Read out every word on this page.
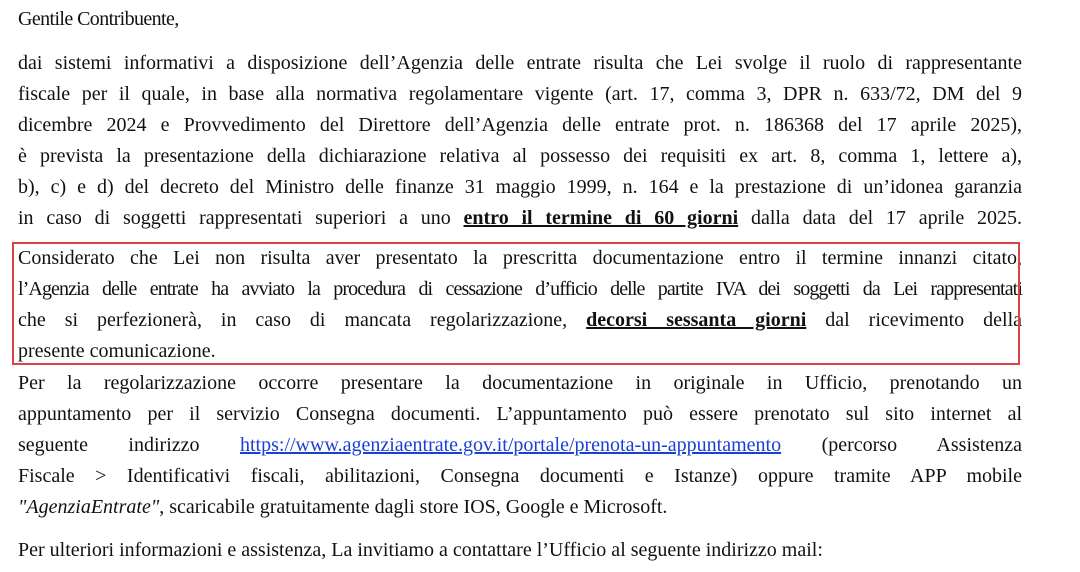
Gentile Contribuente,
dai sistemi informativi a disposizione dell’Agenzia delle entrate risulta che Lei svolge il ruolo di rappresentante
fiscale per il quale, in base alla normativa regolamentare vigente (art. 17, comma 3, DPR n. 633/72, DM del 9
dicembre 2024 e Provvedimento del Direttore dell’Agenzia delle entrate prot. n. 186368 del 17 aprile 2025),
è prevista la presentazione della dichiarazione relativa al possesso dei requisiti ex art. 8, comma 1, lettere a),
b), c) e d) del decreto del Ministro delle finanze 31 maggio 1999, n. 164 e la prestazione di un’idonea garanzia
in caso di soggetti rappresentati superiori a uno entro il termine di 60 giorni dalla data del 17 aprile 2025.
Considerato che Lei non risulta aver presentato la prescritta documentazione entro il termine innanzi citato,
l’Agenzia delle entrate ha avviato la procedura di cessazione d’ufficio delle partite IVA dei soggetti da Lei rappresentati
che si perfezionerà, in caso di mancata regolarizzazione, decorsi sessanta giorni dal ricevimento della
presente comunicazione.
Per la regolarizzazione occorre presentare la documentazione in originale in Ufficio, prenotando un
appuntamento per il servizio Consegna documenti. L’appuntamento può essere prenotato sul sito internet al
seguente indirizzo https://www.agenziaentrate.gov.it/portale/prenota-un-appuntamento (percorso Assistenza
Fiscale > Identificativi fiscali, abilitazioni, Consegna documenti e Istanze) oppure tramite APP mobile
"AgenziaEntrate", scaricabile gratuitamente dagli store IOS, Google e Microsoft.
Per ulteriori informazioni e assistenza, La invitiamo a contattare l’Ufficio al seguente indirizzo mail:
